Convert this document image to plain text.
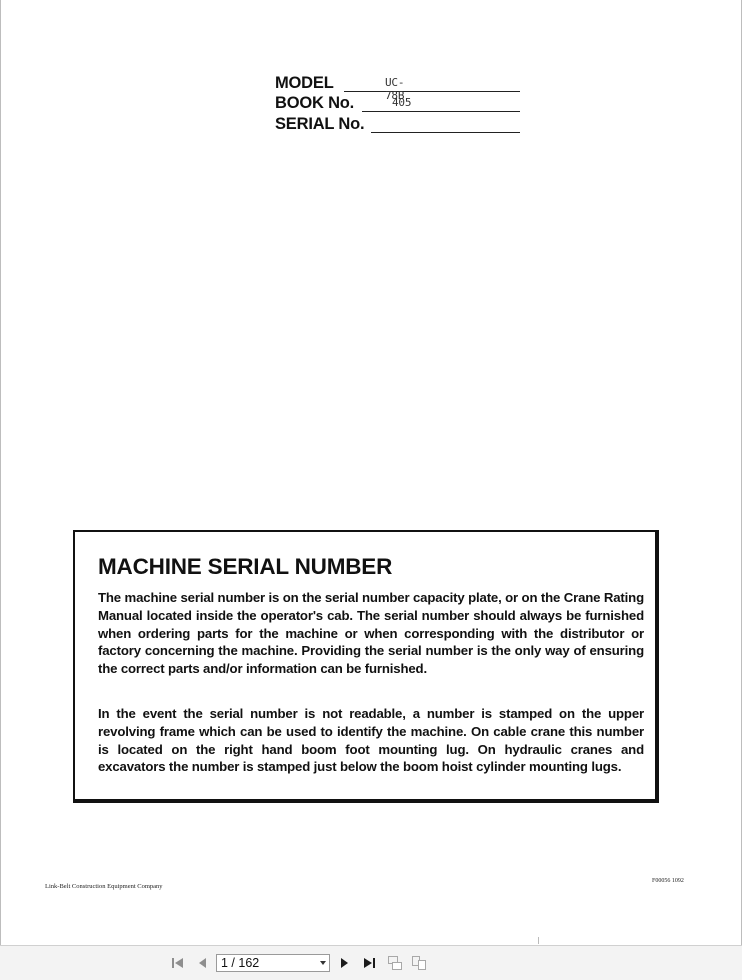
MODEL	UC-78B
BOOK No.	405
SERIAL No.
MACHINE SERIAL NUMBER

The machine serial number is on the serial number capacity plate, or on the Crane Rating Manual located inside the operator's cab. The serial number should always be furnished when ordering parts for the machine or when corresponding with the distributor or factory concerning the machine. Providing the serial number is the only way of ensuring the correct parts and/or information can be furnished.

In the event the serial number is not readable, a number is stamped on the upper revolving frame which can be used to identify the machine. On cable crane this number is located on the right hand boom foot mounting lug. On hydraulic cranes and excavators the number is stamped just below the boom hoist cylinder mounting lugs.

Link-Belt Construction Equipment Company
F00056 1092
1 / 162
